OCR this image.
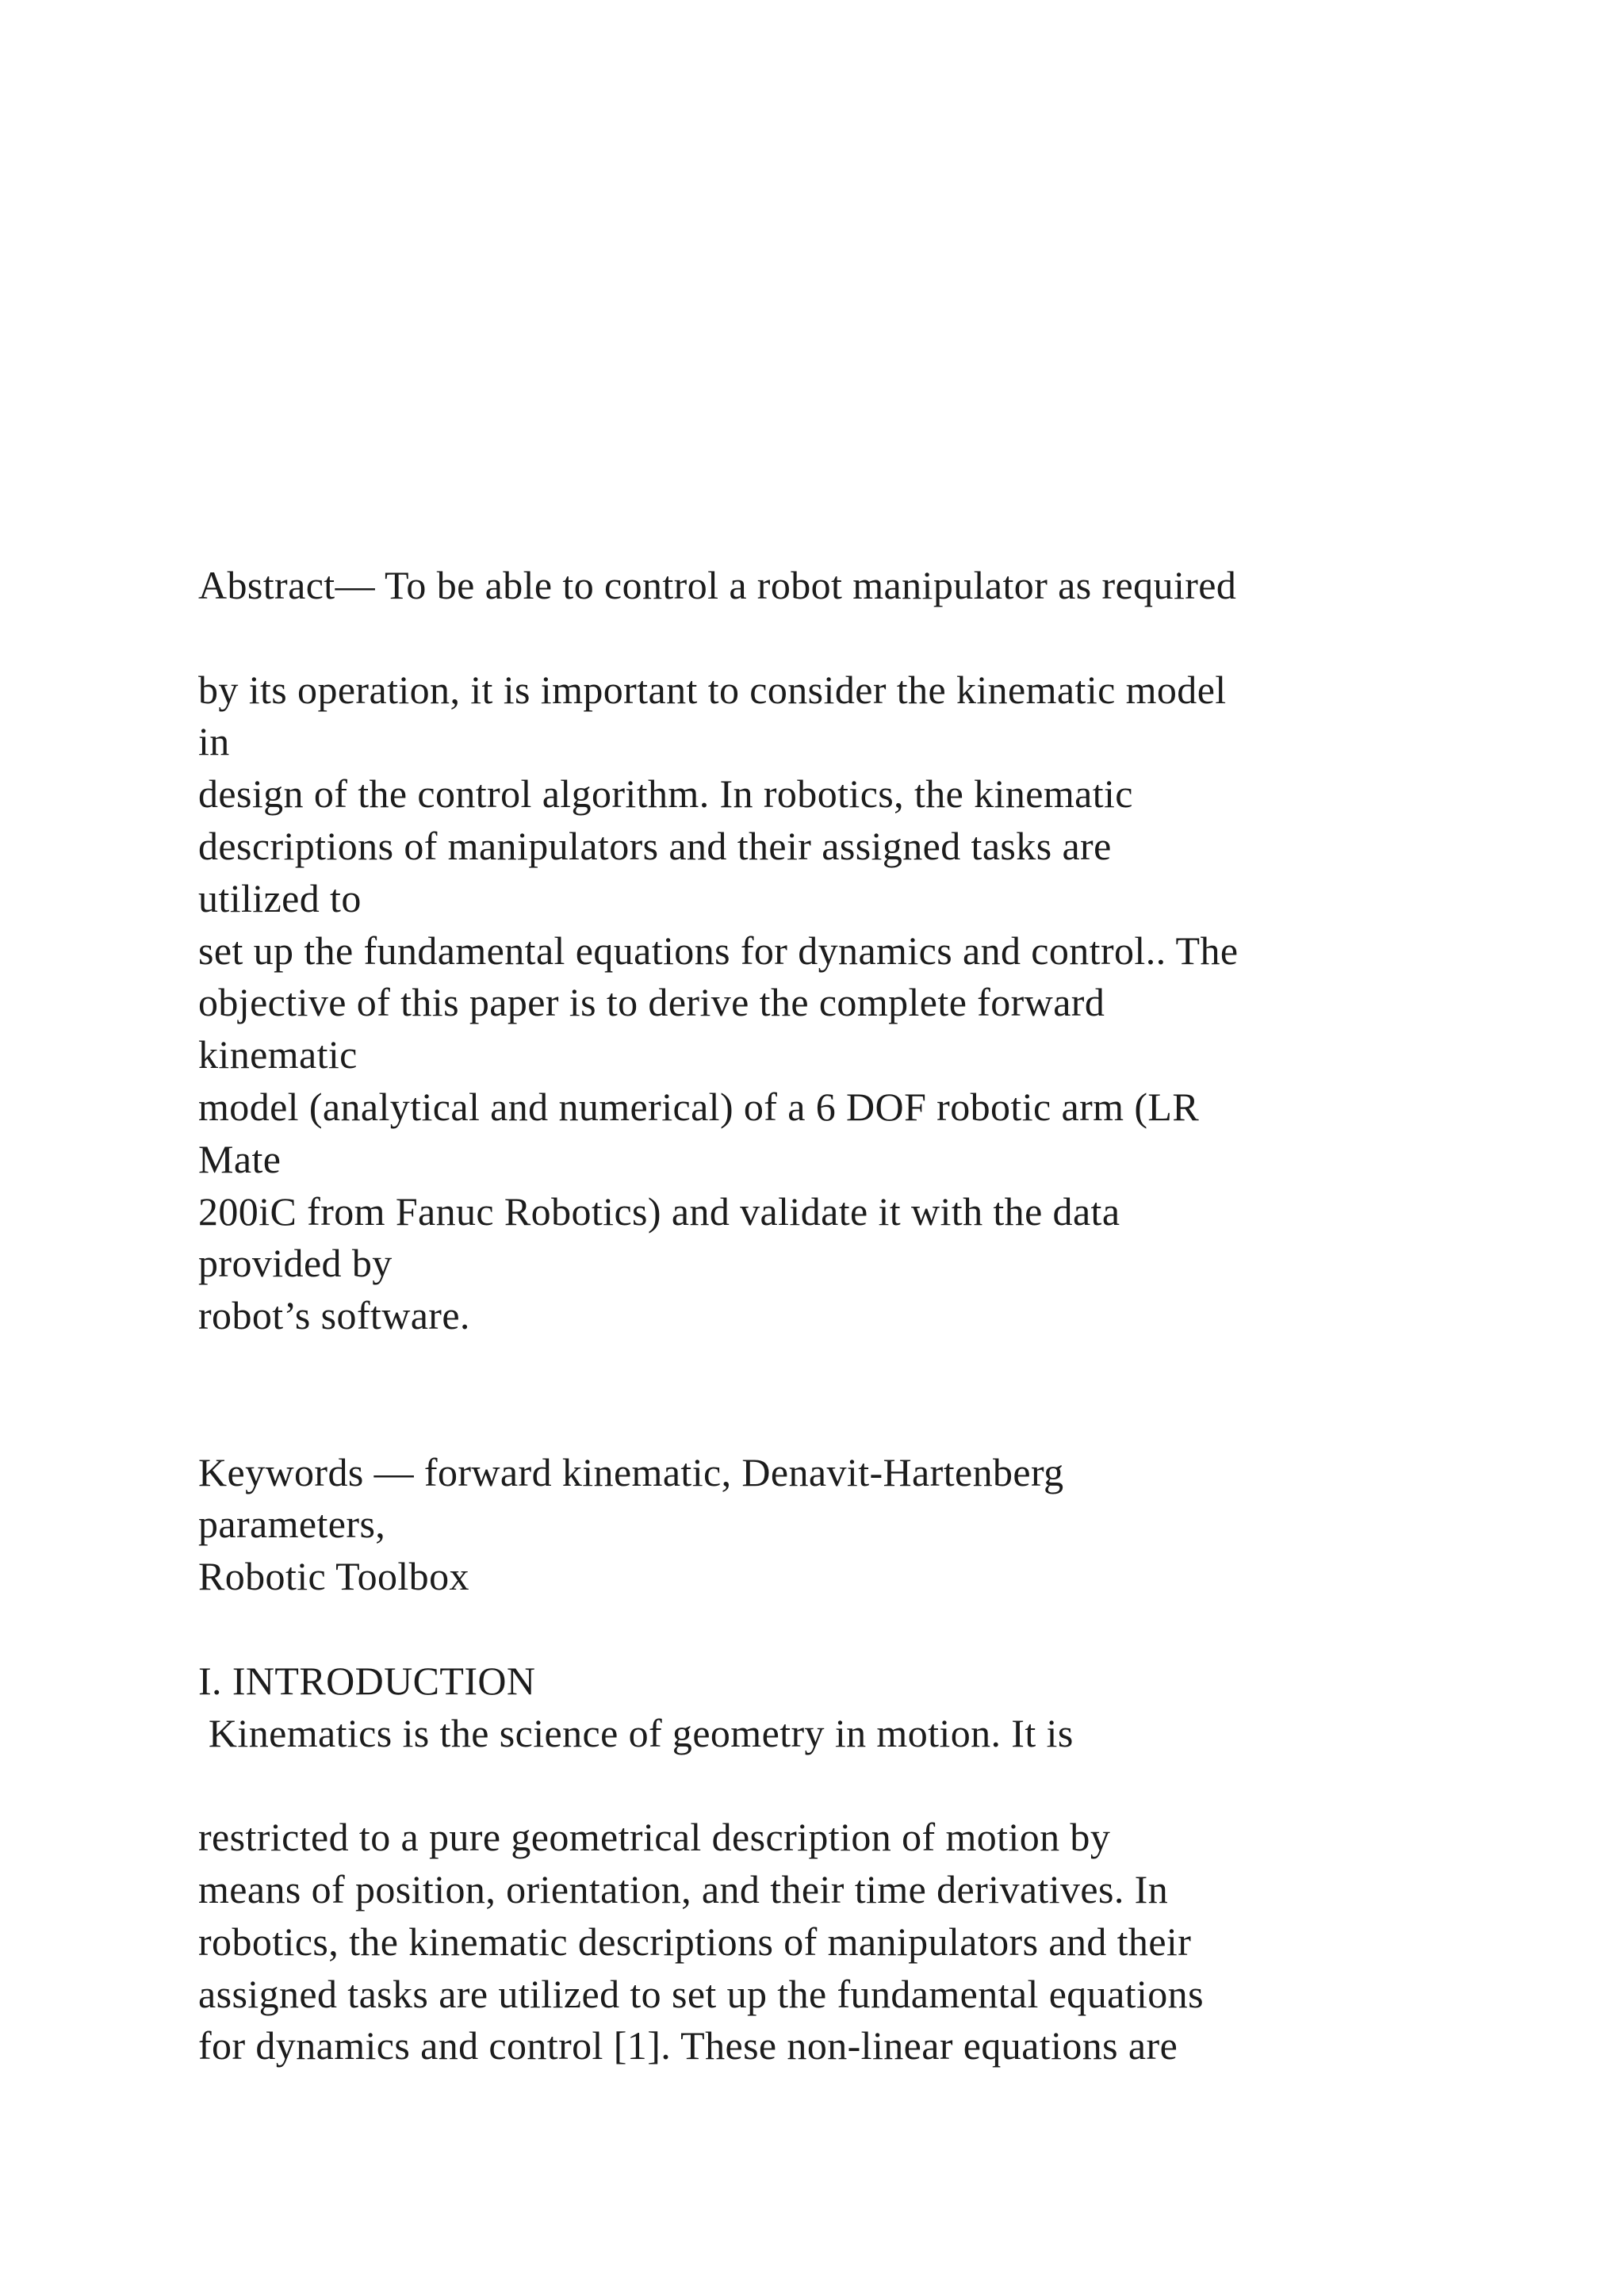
Abstract— To be able to control a robot manipulator as required
by its operation, it is important to consider the kinematic model
in
design of the control algorithm. In robotics, the kinematic
descriptions of manipulators and their assigned tasks are
utilized to
set up the fundamental equations for dynamics and control.. The
objective of this paper is to derive the complete forward
kinematic
model (analytical and numerical) of a 6 DOF robotic arm (LR
Mate
200iC from Fanuc Robotics) and validate it with the data
provided by
robot’s software.
Keywords — forward kinematic, Denavit-Hartenberg
parameters,
Robotic Toolbox
I. INTRODUCTION
Kinematics is the science of geometry in motion. It is
restricted to a pure geometrical description of motion by
means of position, orientation, and their time derivatives. In
robotics, the kinematic descriptions of manipulators and their
assigned tasks are utilized to set up the fundamental equations
for dynamics and control [1]. These non-linear equations are
